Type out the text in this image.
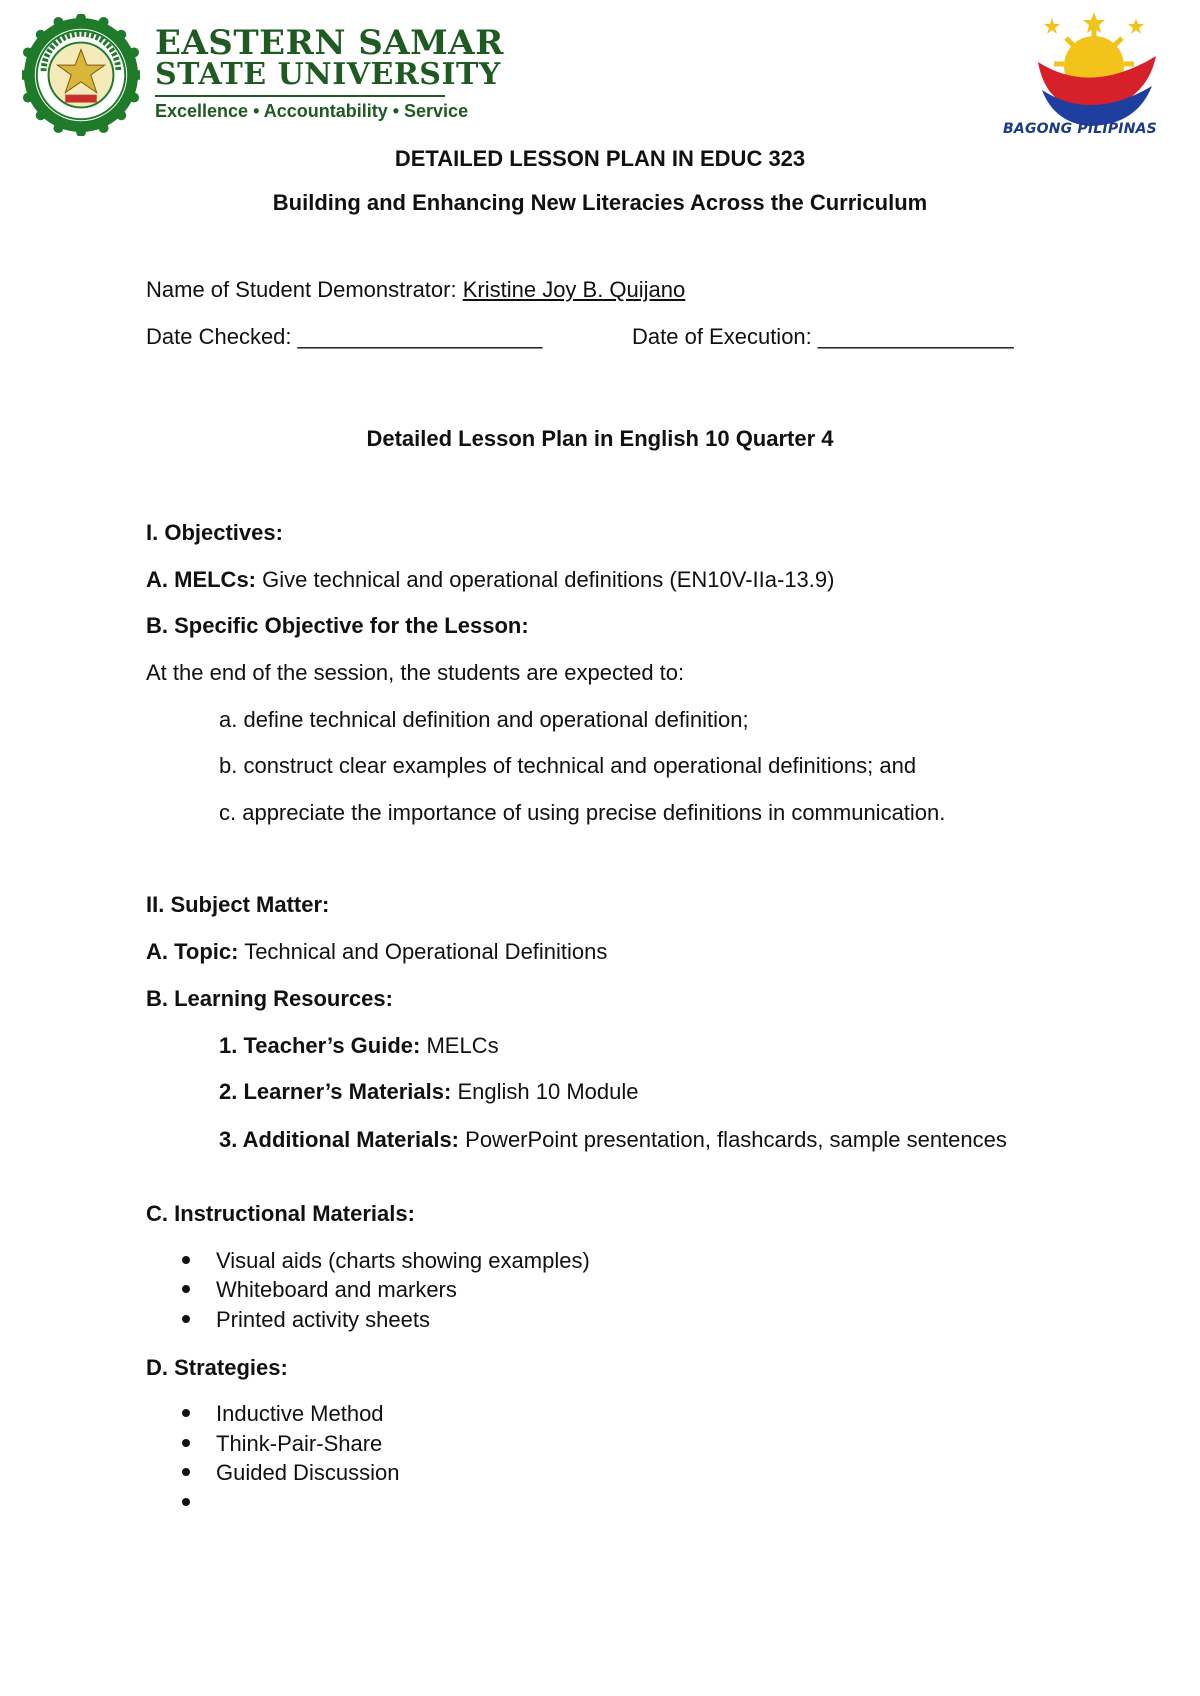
EASTERN SAMAR
STATE UNIVERSITY
Excellence • Accountability • Service
BAGONG PILIPINAS
DETAILED LESSON PLAN IN EDUC 323
Building and Enhancing New Literacies Across the Curriculum
Name of Student Demonstrator: Kristine Joy B. Quijano
Date Checked: ____________________	Date of Execution: ________________
Detailed Lesson Plan in English 10 Quarter 4
I. Objectives:
A. MELCs: Give technical and operational definitions (EN10V-IIa-13.9)
B. Specific Objective for the Lesson:
At the end of the session, the students are expected to:
a. define technical definition and operational definition;
b. construct clear examples of technical and operational definitions; and
c. appreciate the importance of using precise definitions in communication.
II. Subject Matter:
A. Topic: Technical and Operational Definitions
B. Learning Resources:
1. Teacher’s Guide: MELCs
2. Learner’s Materials: English 10 Module
3. Additional Materials: PowerPoint presentation, flashcards, sample sentences
C. Instructional Materials:
Visual aids (charts showing examples)
Whiteboard and markers
Printed activity sheets
D. Strategies:
Inductive Method
Think-Pair-Share
Guided Discussion
